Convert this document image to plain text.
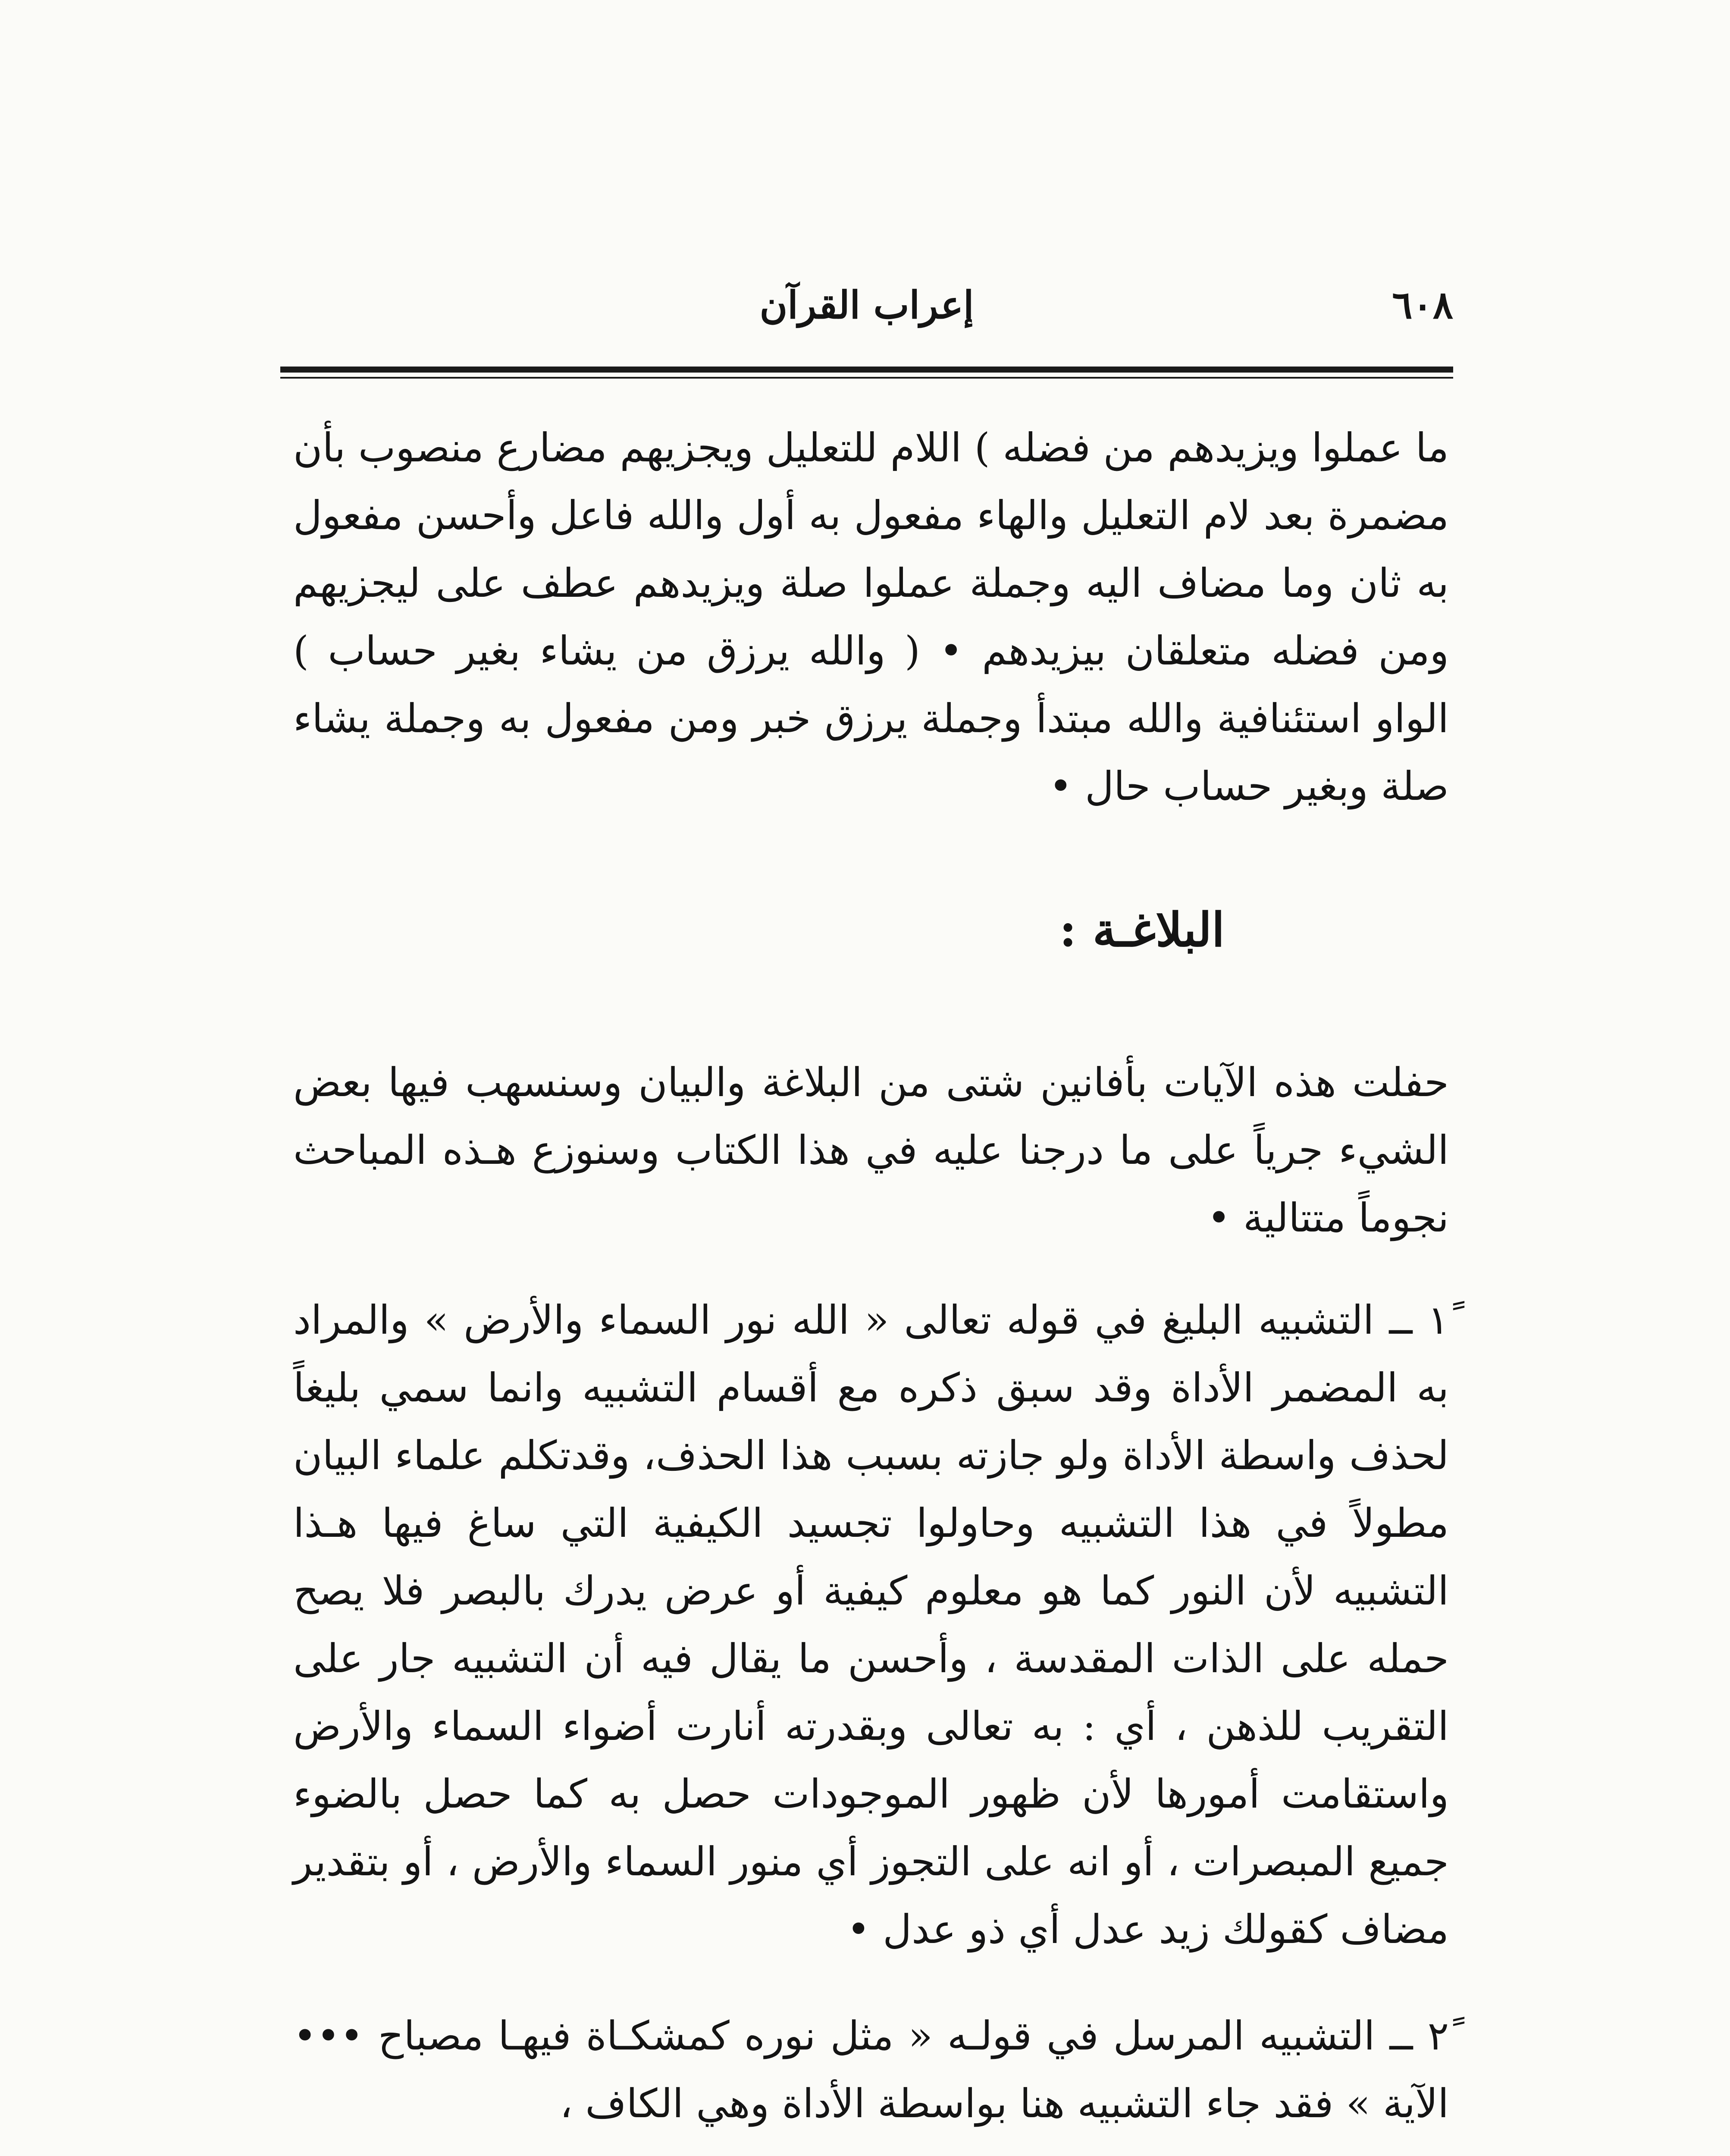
٦٠٨
إعراب القرآن

ما عملوا ويزيدهم من فضله ) اللام للتعليل ويجزيهم مضارع منصوب بأن مضمرة بعد لام التعليل والهاء مفعول به أول والله فاعل وأحسن مفعول به ثان وما مضاف اليه وجملة عملوا صلة ويزيدهم عطف على ليجزيهم ومن فضله متعلقان بيزيدهم • ( والله يرزق من يشاء بغير حساب ) الواو استئنافية والله مبتدأ وجملة يرزق خبر ومن مفعول به وجملة يشاء صلة وبغير حساب حال •

البلاغـة :

حفلت هذه الآيات بأفانين شتى من البلاغة والبيان وسنسهب فيها بعض الشيء جرياً على ما درجنا عليه في هذا الكتاب وسنوزع هـذه المباحث نجوماً متتالية •

١ً ــ التشبيه البليغ في قوله تعالى « الله نور السماء والأرض » والمراد به المضمر الأداة وقد سبق ذكره مع أقسام التشبيه وانما سمي بليغاً لحذف واسطة الأداة ولو جازته بسبب هذا الحذف، وقدتكلم علماء البيان مطولاً في هذا التشبيه وحاولوا تجسيد الكيفية التي ساغ فيها هـذا التشبيه لأن النور كما هو معلوم كيفية أو عرض يدرك بالبصر فلا يصح حمله على الذات المقدسة ، وأحسن ما يقال فيه أن التشبيه جار على التقريب للذهن ، أي : به تعالى وبقدرته أنارت أضواء السماء والأرض واستقامت أمورها لأن ظهور الموجودات حصل به كما حصل بالضوء جميع المبصرات ، أو انه على التجوز أي منور السماء والأرض ، أو بتقدير مضاف كقولك زيد عدل أي ذو عدل •

٢ً ــ التشبيه المرسل في قولـه « مثل نوره كمشكـاة فيهـا مصباح ••• الآية » فقد جاء التشبيه هنا بواسطة الأداة وهي الكاف ،
